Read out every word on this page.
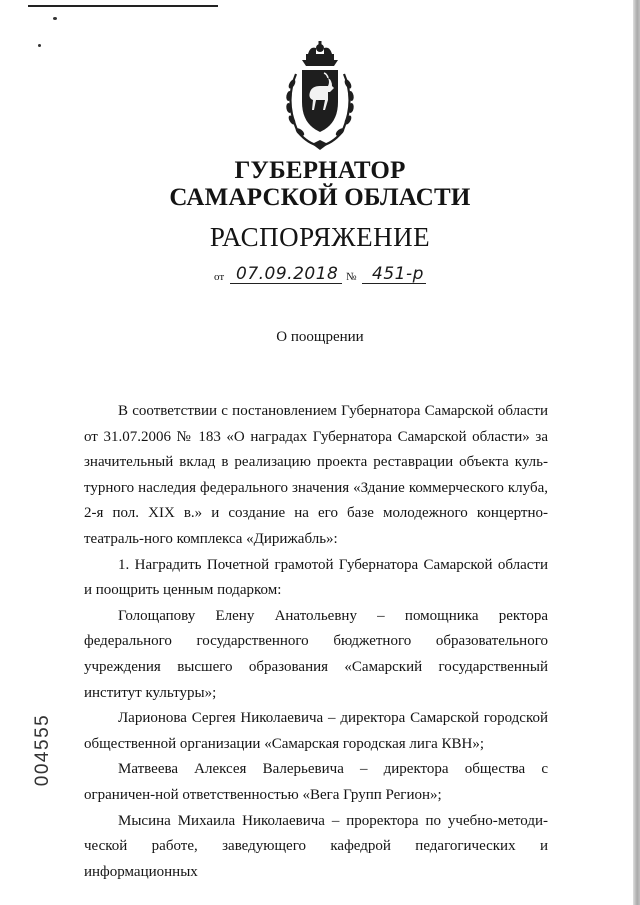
ГУБЕРНАТОР
САМАРСКОЙ ОБЛАСТИ
РАСПОРЯЖЕНИЕ
от 07.09.2018 № 451-р
О поощрении

В соответствии с постановлением Губернатора Самарской области от 31.07.2006 № 183 «О наградах Губернатора Самарской области» за значительный вклад в реализацию проекта реставрации объекта куль-турного наследия федерального значения «Здание коммерческого клуба, 2-я пол. XIX в.» и создание на его базе молодежного концертно-театраль-ного комплекса «Дирижабль»:

1. Наградить Почетной грамотой Губернатора Самарской области и поощрить ценным подарком:

Голощапову Елену Анатольевну – помощника ректора федерального государственного бюджетного образовательного учреждения высшего образования «Самарский государственный институт культуры»;

Ларионова Сергея Николаевича – директора Самарской городской общественной организации «Самарская городская лига КВН»;

Матвеева Алексея Валерьевича – директора общества с ограничен-ной ответственностью «Вега Групп Регион»;

Мысина Михаила Николаевича – проректора по учебно-методи-ческой работе, заведующего кафедрой педагогических и информационных

004555
